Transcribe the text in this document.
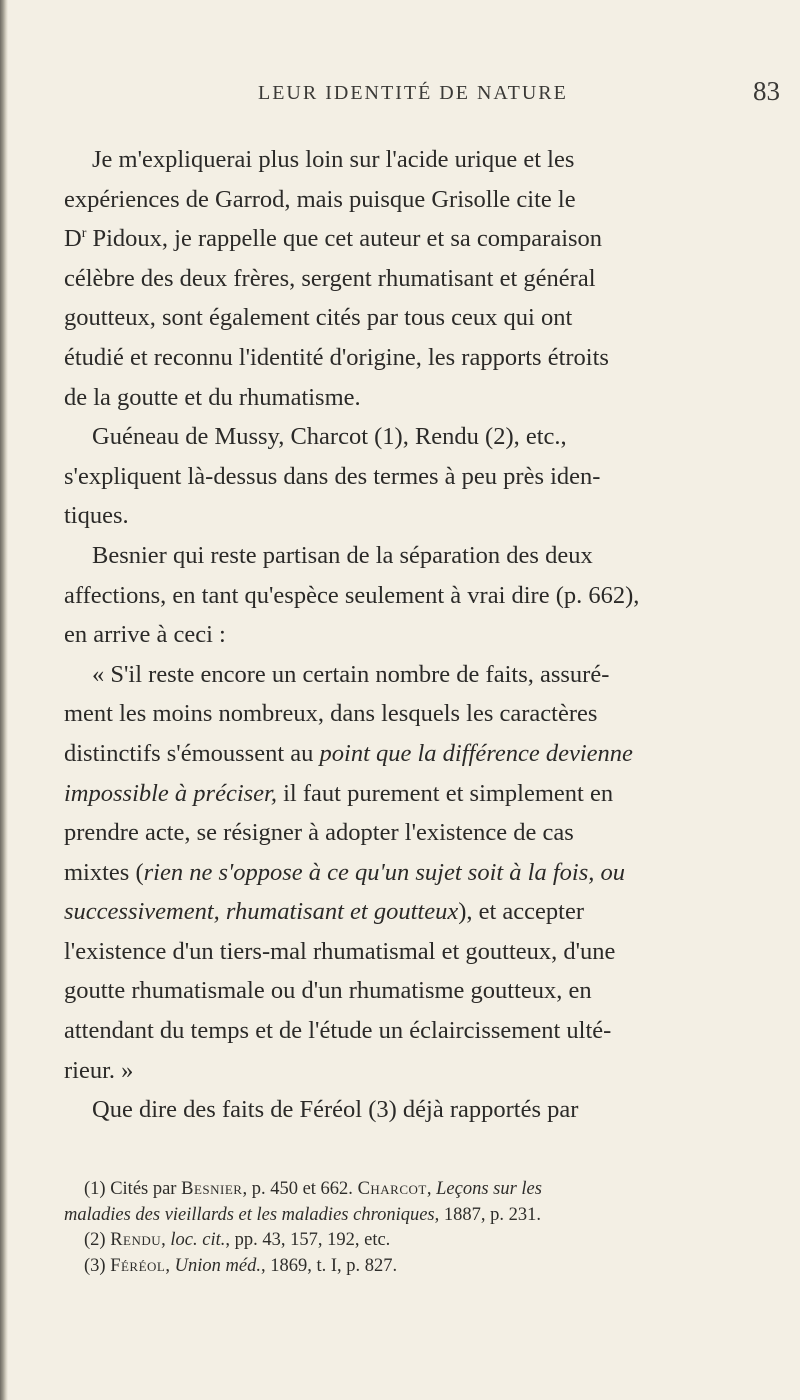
LEUR IDENTITÉ DE NATURE	83
Je m'expliquerai plus loin sur l'acide urique et les
expériences de Garrod, mais puisque Grisolle cite le
$D^r$ Pidoux, je rappelle que cet auteur et sa comparaison
célèbre des deux frères, sergent rhumatisant et général
goutteux, sont également cités par tous ceux qui ont
étudié et reconnu l'identité d'origine, les rapports étroits
de la goutte et du rhumatisme.
Guéneau de Mussy, Charcot (1), Rendu (2), etc.,
s'expliquent là-dessus dans des termes à peu près iden-
tiques.
Besnier qui reste partisan de la séparation des deux
affections, en tant qu'espèce seulement à vrai dire (p. 662),
en arrive à ceci :
« S'il reste encore un certain nombre de faits, assuré-
ment les moins nombreux, dans lesquels les caractères
distinctifs s'émoussent au point que la différence devienne
impossible à préciser, il faut purement et simplement en
prendre acte, se résigner à adopter l'existence de cas
mixtes (rien ne s'oppose à ce qu'un sujet soit à la fois, ou
successivement, rhumatisant et goutteux), et accepter
l'existence d'un tiers-mal rhumatismal et goutteux, d'une
goutte rhumatismale ou d'un rhumatisme goutteux, en
attendant du temps et de l'étude un éclaircissement ulté-
rieur. »
Que dire des faits de Féréol (3) déjà rapportés par
(1) Cités par Besnier, p. 450 et 662. Charcot, Leçons sur les
maladies des vieillards et les maladies chroniques, 1887, p. 231.
(2) Rendu, loc. cit., pp. 43, 157, 192, etc.
(3) Féréol, Union méd., 1869, t. I, p. 827.
